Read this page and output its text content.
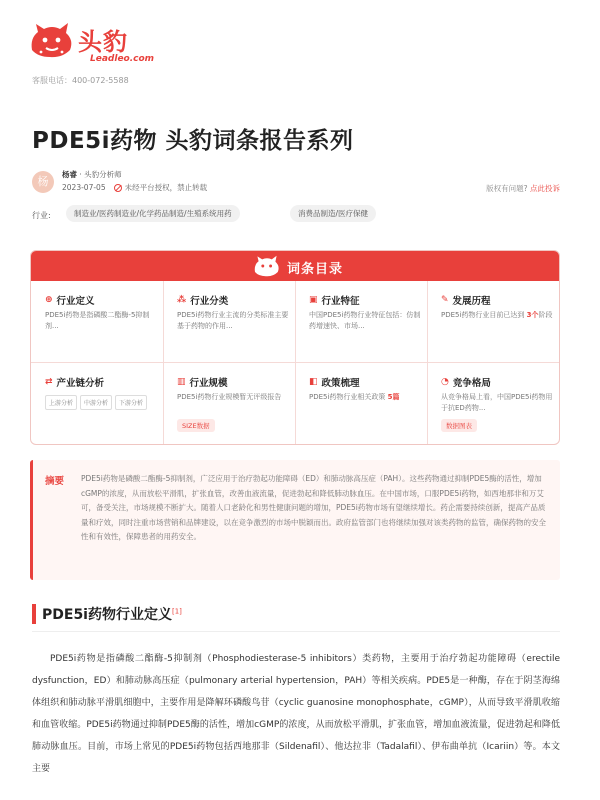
头豹
Leadleo.com
客服电话：400-072-5588
PDE5i药物 头豹词条报告系列
杨
杨睿 · 头豹分析师
2023-07-05	未经平台授权，禁止转载	版权有问题? 点此投诉
行业:	制造业/医药制造业/化学药品制造/生殖系统用药	消费品制造/医疗保健
词条目录
⊕ 行业定义
PDE5i药物是指磷酸二酯酶-5抑制剂...
⁂ 行业分类
PDE5i药物行业主流的分类标准主要基于药物的作用...
▣ 行业特征
中国PDE5i药物行业特征包括：仿制药增速快、市场...
✎ 发展历程
PDE5i药物行业目前已达到 3个阶段
⇄ 产业链分析
上游分析	中游分析	下游分析
▥ 行业规模
PDE5i药物行业规模暂无评级报告
SIZE数据
◧ 政策梳理
PDE5i药物行业相关政策 5篇
◔ 竞争格局
从竞争格局上看，中国PDE5i药物用于抗ED药物...
数据图表
摘要 PDE5i药物是磷酸二酯酶-5抑制剂，广泛应用于治疗勃起功能障碍（ED）和肺动脉高压症（PAH）。这些药物通过抑制PDE5酶的活性，增加cGMP的浓度，从而放松平滑肌，扩张血管，改善血液流量，促进勃起和降低肺动脉血压。在中国市场，口服PDE5i药物，如西地那非和万艾可，备受关注，市场规模不断扩大。随着人口老龄化和男性健康问题的增加，PDE5i药物市场有望继续增长。药企需要持续创新，提高产品质量和疗效，同时注重市场营销和品牌建设，以在竞争激烈的市场中脱颖而出。政府监管部门也将继续加强对该类药物的监管，确保药物的安全性和有效性，保障患者的用药安全。
PDE5i药物行业定义[1]
PDE5i药物是指磷酸二酯酶-5抑制剂（Phosphodiesterase-5 inhibitors）类药物，主要用于治疗勃起功能障碍（erectile dysfunction，ED）和肺动脉高压症（pulmonary arterial hypertension，PAH）等相关疾病。PDE5是一种酶，存在于阴茎海绵体组织和肺动脉平滑肌细胞中，主要作用是降解环磷酸鸟苷（cyclic guanosine monophosphate，cGMP），从而导致平滑肌收缩和血管收缩。PDE5i药物通过抑制PDE5酶的活性，增加cGMP的浓度，从而放松平滑肌，扩张血管，增加血液流量，促进勃起和降低肺动脉血压。目前，市场上常见的PDE5i药物包括西地那非（Sildenafil）、他达拉非（Tadalafil）、伊布曲单抗（Icariin）等。本文主要
